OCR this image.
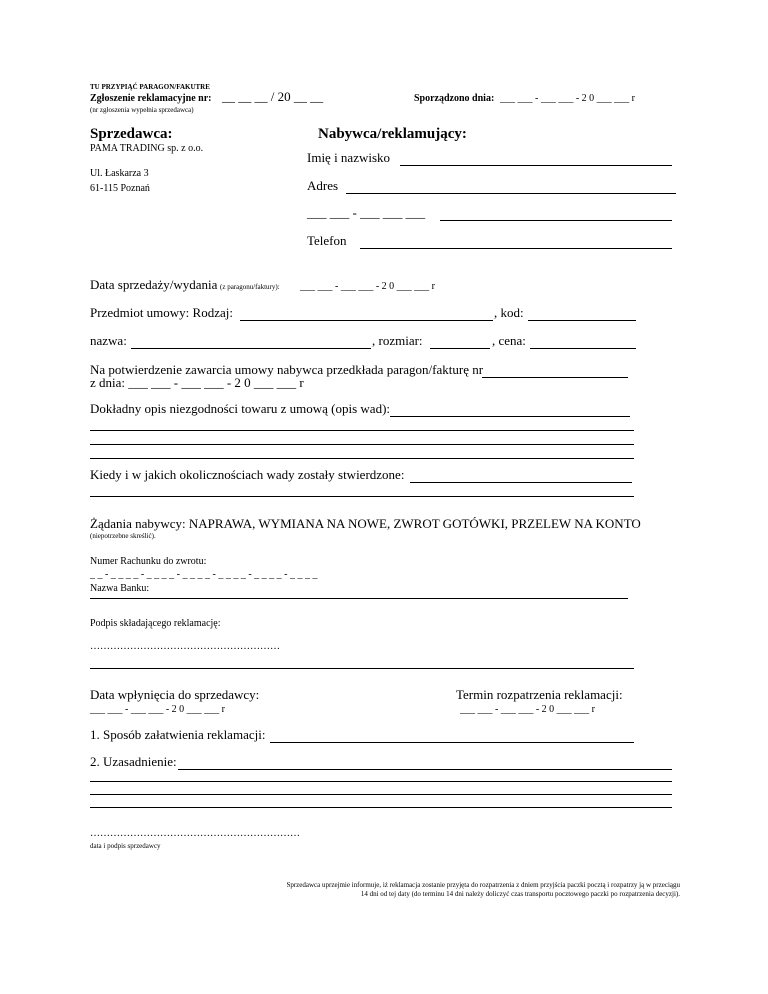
TU PRZYPIĄĆ PARAGON/FAKUTRE
Zgłoszenie reklamacyjne nr: __ __ __ / 20 __ __
(nr zgłoszenia wypełnia sprzedawca)
Sporządzono dnia: ___ ___ - ___ ___ - 2 0 ___ ___ r
Sprzedawca:
PAMA TRADING sp. z o.o.
Ul. Łaskarza 3
61-115 Poznań
Nabywca/reklamujący:
Imię i nazwisko
Adres
___ ___ - ___ ___ ___
Telefon
Data sprzedaży/wydania (z paragonu/faktury): ___ ___ - ___ ___ - 2 0 ___ ___ r
Przedmiot umowy: Rodzaj:	, kod:
nazwa:	, rozmiar:	, cena:
Na potwierdzenie zawarcia umowy nabywca przedkłada paragon/fakturę nr
z dnia: ___ ___ - ___ ___ - 2 0 ___ ___ r
Dokładny opis niezgodności towaru z umową (opis wad):
Kiedy i w jakich okolicznościach wady zostały stwierdzone:
Żądania nabywcy: NAPRAWA, WYMIANA NA NOWE, ZWROT GOTÓWKI, PRZELEW NA KONTO
(niepotrzebne skreślić).
Numer Rachunku do zwrotu:
_ _ - _ _ _ _ - _ _ _ _ - _ _ _ _ - _ _ _ _ - _ _ _ _ - _ _ _ _
Nazwa Banku:
Podpis składającego reklamację:
…………………………………………………
Data wpłynięcia do sprzedawcy:
___ ___ - ___ ___ - 2 0 ___ ___ r
Termin rozpatrzenia reklamacji:
___ ___ - ___ ___ - 2 0 ___ ___ r
1. Sposób załatwienia reklamacji:
2. Uzasadnienie:
………………………………………………………
data i podpis sprzedawcy
Sprzedawca uprzejmie informuje, iż reklamacja zostanie przyjęta do rozpatrzenia z dniem przyjścia paczki pocztą i rozpatrzy ją w przeciągu
14 dni od tej daty (do terminu 14 dni należy doliczyć czas transportu pocztowego paczki po rozpatrzenia decyzji).
